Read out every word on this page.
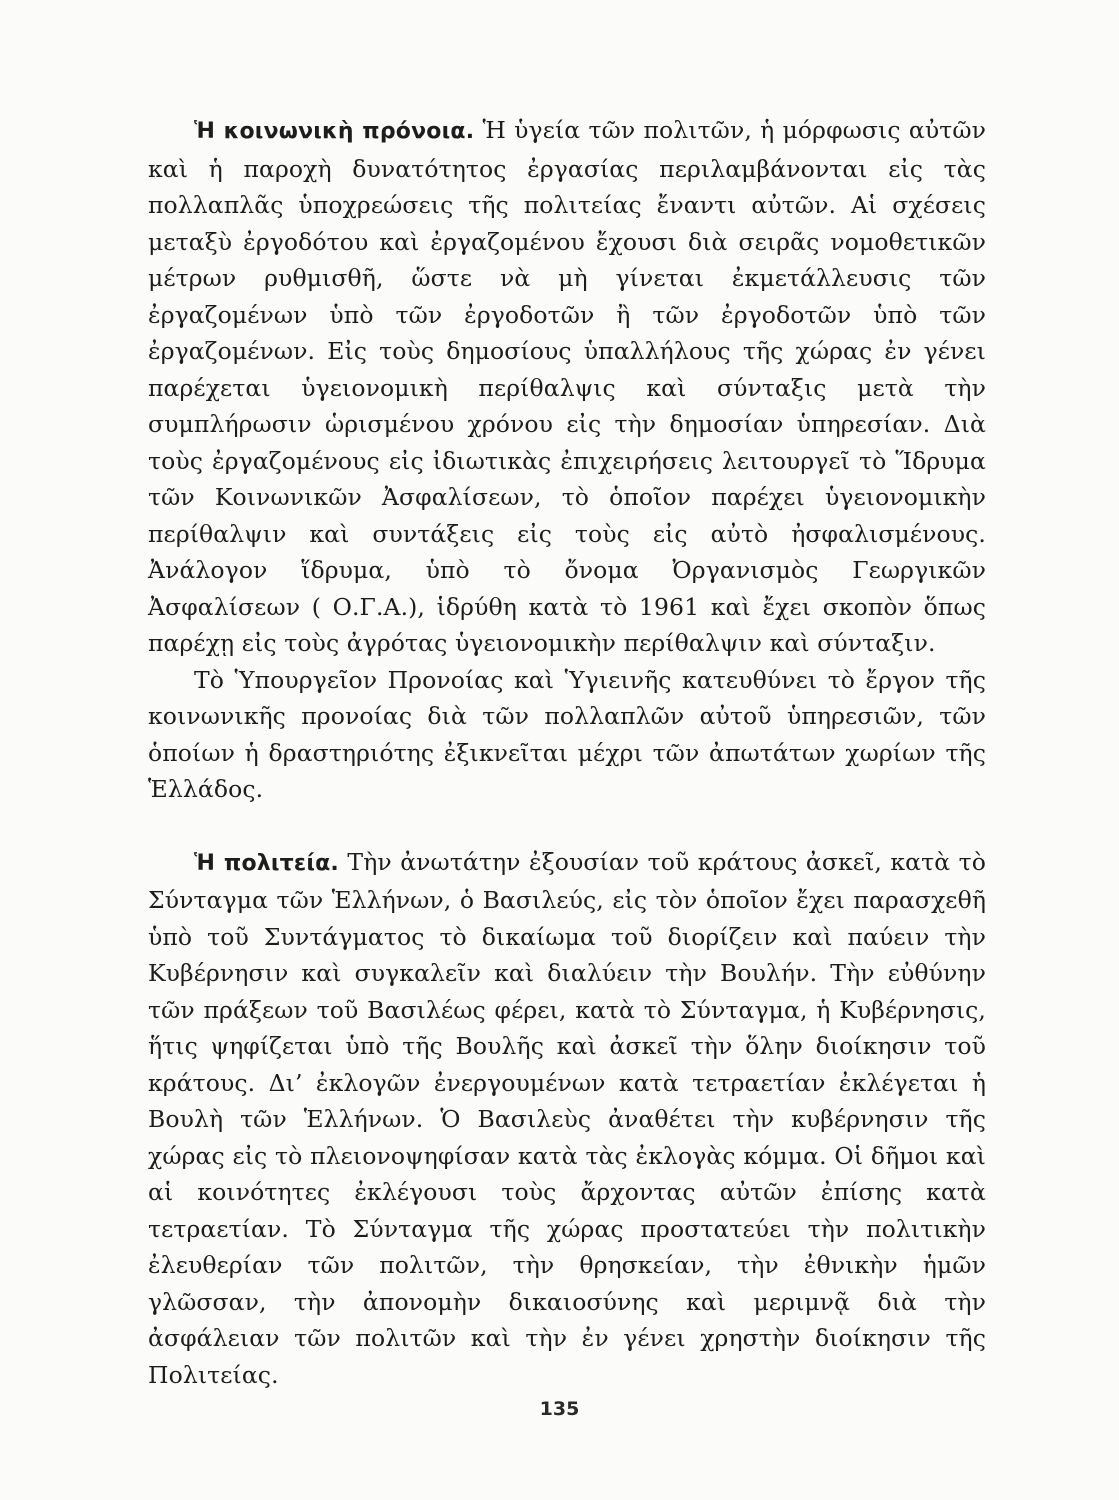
Ἡ κοινωνικὴ πρόνοια. Ἡ ὑγεία τῶν πολιτῶν, ἡ μόρφωσις αὐτῶν καὶ ἡ παροχὴ δυνατότητος ἐργασίας περιλαμβάνονται εἰς τὰς πολλαπλᾶς ὑποχρεώσεις τῆς πολιτείας ἔναντι αὐτῶν. Αἱ σχέσεις μεταξὺ ἐργοδότου καὶ ἐργαζομένου ἔχουσι διὰ σειρᾶς νομοθετικῶν μέτρων ρυθμισθῆ, ὥστε νὰ μὴ γίνεται ἐκμετάλλευσις τῶν ἐργαζομένων ὑπὸ τῶν ἐργοδοτῶν ἢ τῶν ἐργοδοτῶν ὑπὸ τῶν ἐργαζομένων. Εἰς τοὺς δημοσίους ὑπαλλήλους τῆς χώρας ἐν γένει παρέχεται ὑγειονομικὴ περίθαλψις καὶ σύνταξις μετὰ τὴν συμπλήρωσιν ὡρισμένου χρόνου εἰς τὴν δημοσίαν ὑπηρεσίαν. Διὰ τοὺς ἐργαζομένους εἰς ἰδιωτικὰς ἐπιχειρήσεις λειτουργεῖ τὸ Ἵδρυμα τῶν Κοινωνικῶν Ἀσφαλίσεων, τὸ ὁποῖον παρέχει ὑγειονομικὴν περίθαλψιν καὶ συντάξεις εἰς τοὺς εἰς αὐτὸ ἠσφαλισμένους. Ἀνάλογον ἵδρυμα, ὑπὸ τὸ ὄνομα Ὀργανισμὸς Γεωργικῶν Ἀσφαλίσεων ( Ο.Γ.Α.), ἱδρύθη κατὰ τὸ 1961 καὶ ἔχει σκοπὸν ὅπως παρέχῃ εἰς τοὺς ἀγρότας ὑγειονομικὴν περίθαλψιν καὶ σύνταξιν.

Τὸ Ὑπουργεῖον Προνοίας καὶ Ὑγιεινῆς κατευθύνει τὸ ἔργον τῆς κοινωνικῆς προνοίας διὰ τῶν πολλαπλῶν αὐτοῦ ὑπηρεσιῶν, τῶν ὁποίων ἡ δραστηριότης ἐξικνεῖται μέχρι τῶν ἀπωτάτων χωρίων τῆς Ἑλλάδος.

Ἡ πολιτεία. Τὴν ἀνωτάτην ἐξουσίαν τοῦ κράτους ἀσκεῖ, κατὰ τὸ Σύνταγμα τῶν Ἑλλήνων, ὁ Βασιλεύς, εἰς τὸν ὁποῖον ἔχει παρασχεθῆ ὑπὸ τοῦ Συντάγματος τὸ δικαίωμα τοῦ διορίζειν καὶ παύειν τὴν Κυβέρνησιν καὶ συγκαλεῖν καὶ διαλύειν τὴν Βουλήν. Τὴν εὐθύνην τῶν πράξεων τοῦ Βασιλέως φέρει, κατὰ τὸ Σύνταγμα, ἡ Κυβέρνησις, ἥτις ψηφίζεται ὑπὸ τῆς Βουλῆς καὶ ἀσκεῖ τὴν ὅλην διοίκησιν τοῦ κράτους. Δι’ ἐκλογῶν ἐνεργουμένων κατὰ τετραετίαν ἐκλέγεται ἡ Βουλὴ τῶν Ἑλλήνων. Ὁ Βασιλεὺς ἀναθέτει τὴν κυβέρνησιν τῆς χώρας εἰς τὸ πλειονοψηφίσαν κατὰ τὰς ἐκλογὰς κόμμα. Οἱ δῆμοι καὶ αἱ κοινότητες ἐκλέγουσι τοὺς ἄρχοντας αὐτῶν ἐπίσης κατὰ τετραετίαν. Τὸ Σύνταγμα τῆς χώρας προστατεύει τὴν πολιτικὴν ἐλευθερίαν τῶν πολιτῶν, τὴν θρησκείαν, τὴν ἐθνικὴν ἡμῶν γλῶσσαν, τὴν ἀπονομὴν δικαιοσύνης καὶ μεριμνᾷ διὰ τὴν ἀσφάλειαν τῶν πολιτῶν καὶ τὴν ἐν γένει χρηστὴν διοίκησιν τῆς Πολιτείας.

135
